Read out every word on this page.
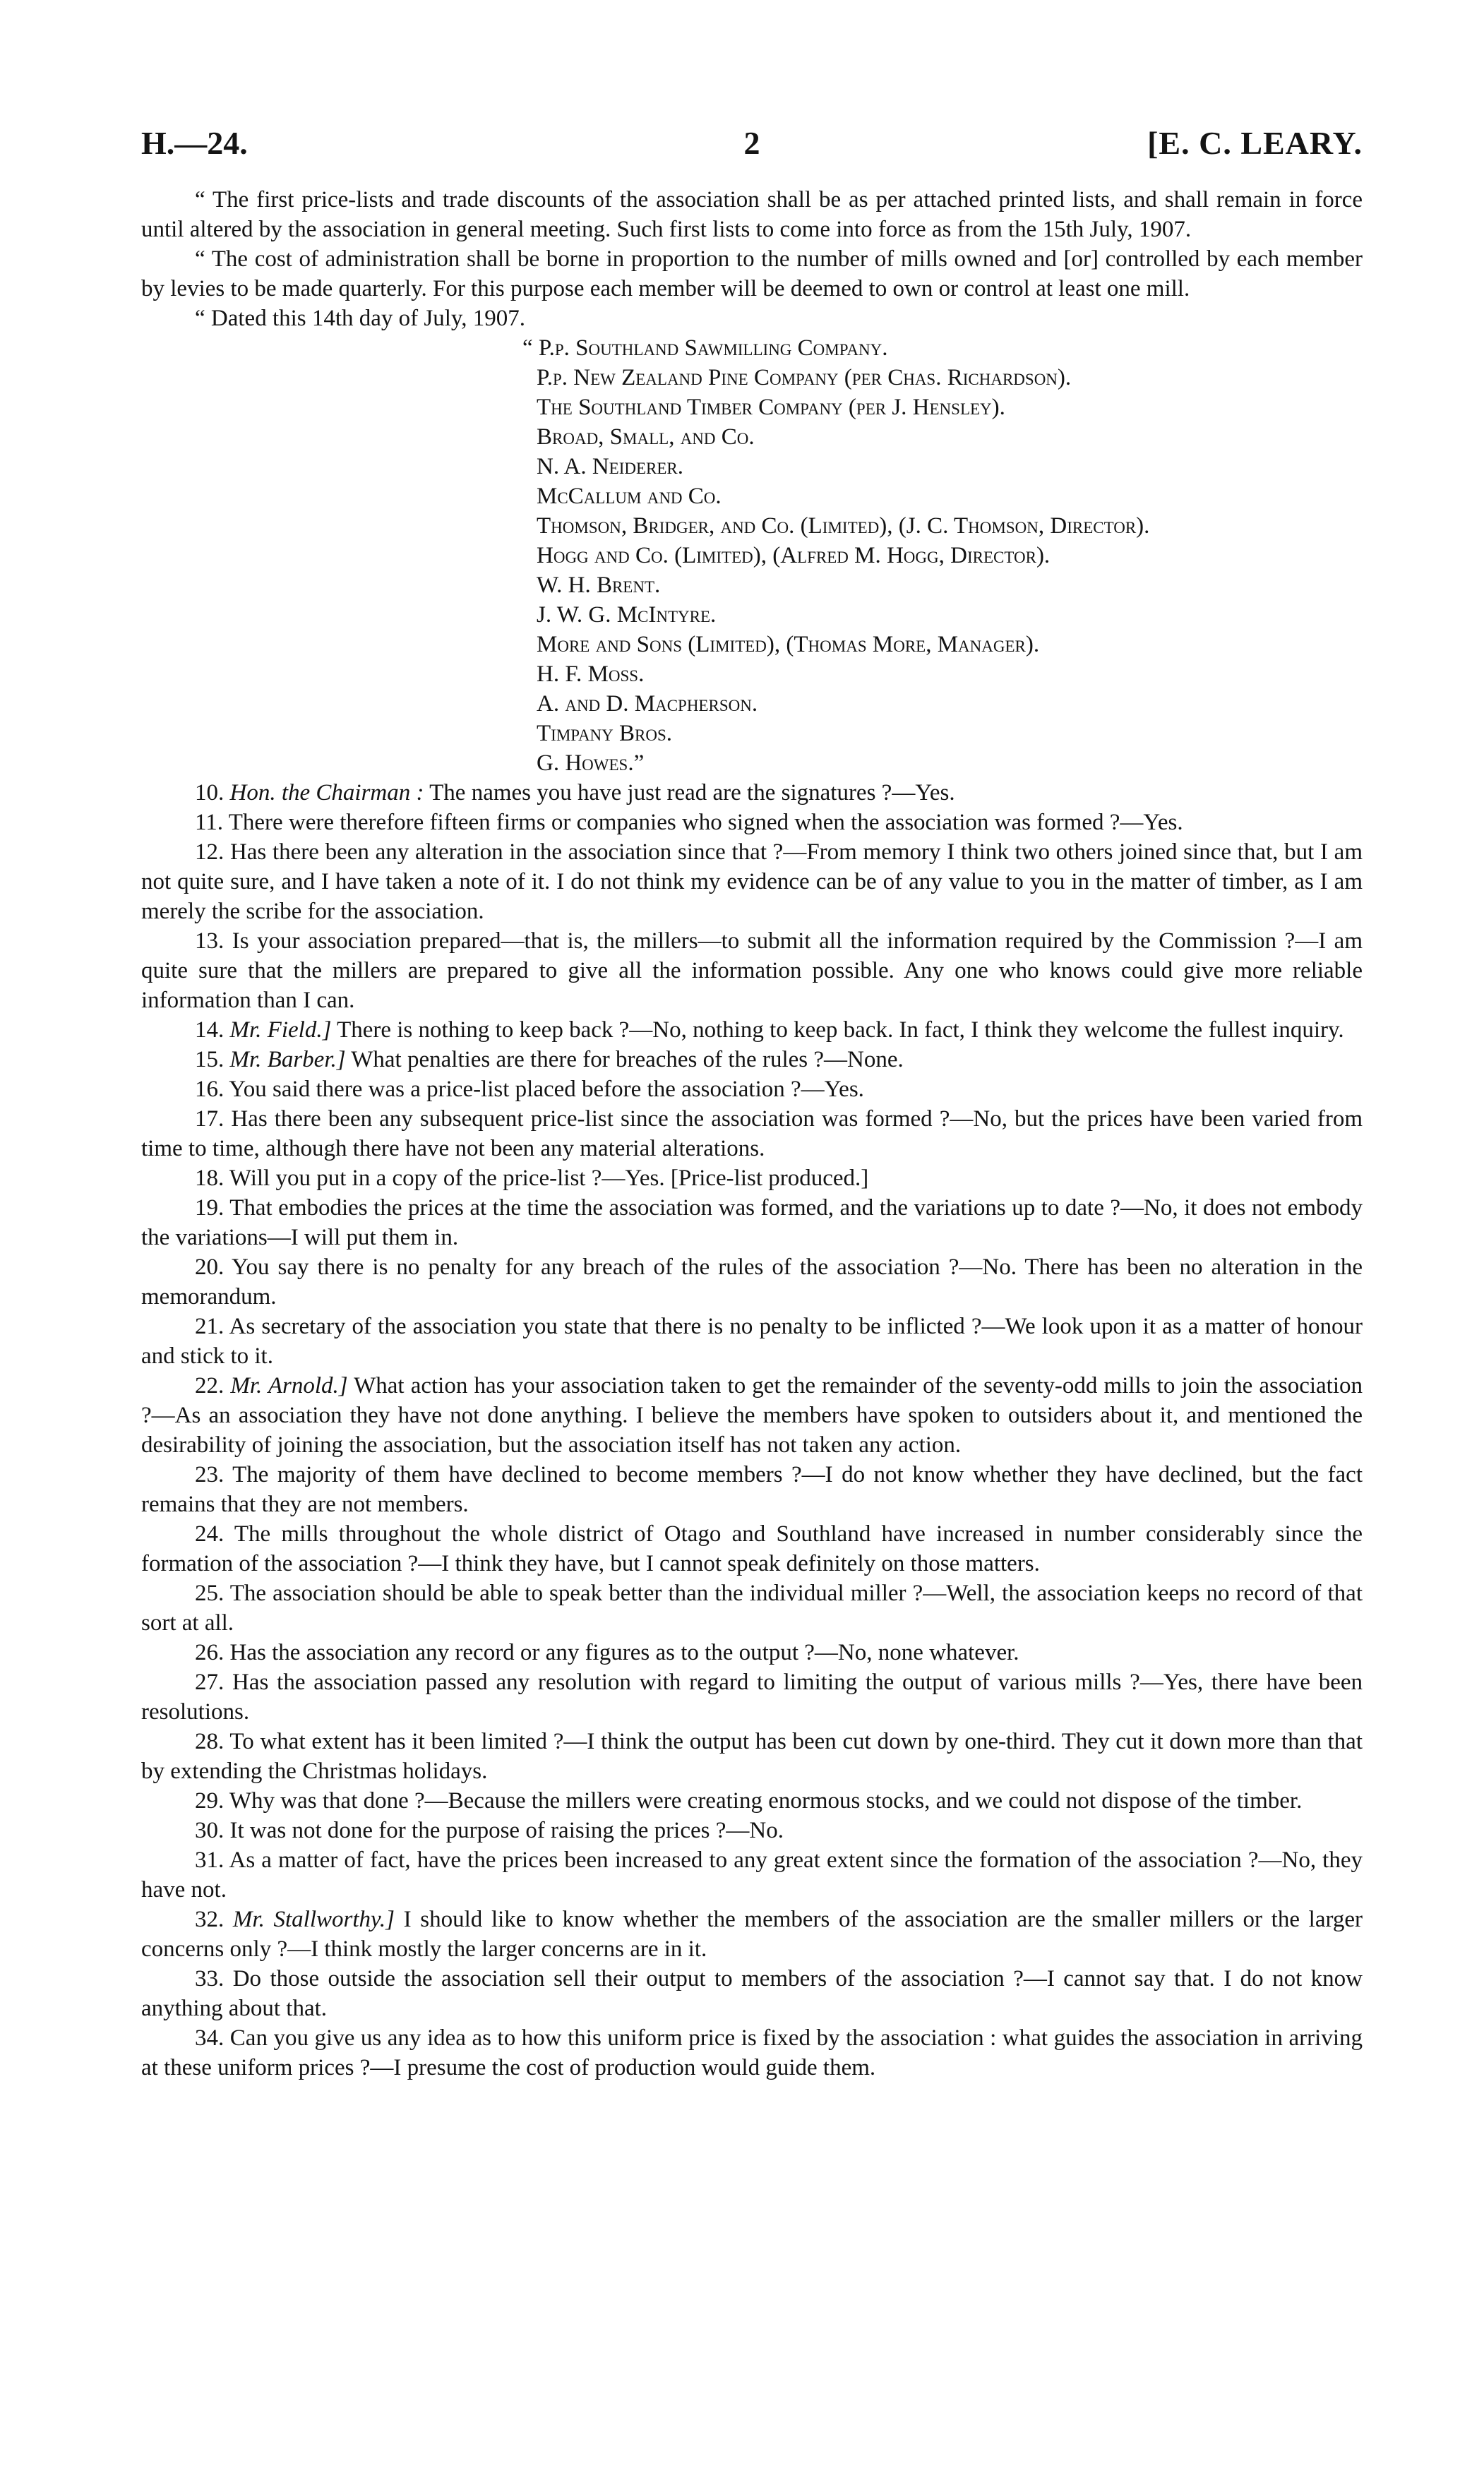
H.—24.	2	[E. C. LEARY.

“ The first price-lists and trade discounts of the association shall be as per attached printed lists, and shall remain in force until altered by the association in general meeting. Such first lists to come into force as from the 15th July, 1907.

“ The cost of administration shall be borne in proportion to the number of mills owned and [or] controlled by each member by levies to be made quarterly. For this purpose each member will be deemed to own or control at least one mill.

“ Dated this 14th day of July, 1907.

“ P.p. Southland Sawmilling Company.
P.p. New Zealand Pine Company (per Chas. Richardson).
The Southland Timber Company (per J. Hensley).
Broad, Small, and Co.
N. A. Neiderer.
McCallum and Co.
Thomson, Bridger, and Co. (Limited), (J. C. Thomson, Director).
Hogg and Co. (Limited), (Alfred M. Hogg, Director).
W. H. Brent.
J. W. G. McIntyre.
More and Sons (Limited), (Thomas More, Manager).
H. F. Moss.
A. and D. Macpherson.
Timpany Bros.
G. Howes.”

10. Hon. the Chairman : The names you have just read are the signatures ?—Yes.

11. There were therefore fifteen firms or companies who signed when the association was formed ?—Yes.

12. Has there been any alteration in the association since that ?—From memory I think two others joined since that, but I am not quite sure, and I have taken a note of it. I do not think my evidence can be of any value to you in the matter of timber, as I am merely the scribe for the association.

13. Is your association prepared—that is, the millers—to submit all the information required by the Commission ?—I am quite sure that the millers are prepared to give all the information possible. Any one who knows could give more reliable information than I can.

14. Mr. Field.] There is nothing to keep back ?—No, nothing to keep back. In fact, I think they welcome the fullest inquiry.

15. Mr. Barber.] What penalties are there for breaches of the rules ?—None.

16. You said there was a price-list placed before the association ?—Yes.

17. Has there been any subsequent price-list since the association was formed ?—No, but the prices have been varied from time to time, although there have not been any material alterations.

18. Will you put in a copy of the price-list ?—Yes. [Price-list produced.]

19. That embodies the prices at the time the association was formed, and the variations up to date ?—No, it does not embody the variations—I will put them in.

20. You say there is no penalty for any breach of the rules of the association ?—No. There has been no alteration in the memorandum.

21. As secretary of the association you state that there is no penalty to be inflicted ?—We look upon it as a matter of honour and stick to it.

22. Mr. Arnold.] What action has your association taken to get the remainder of the seventy-odd mills to join the association ?—As an association they have not done anything. I believe the members have spoken to outsiders about it, and mentioned the desirability of joining the association, but the association itself has not taken any action.

23. The majority of them have declined to become members ?—I do not know whether they have declined, but the fact remains that they are not members.

24. The mills throughout the whole district of Otago and Southland have increased in number considerably since the formation of the association ?—I think they have, but I cannot speak definitely on those matters.

25. The association should be able to speak better than the individual miller ?—Well, the association keeps no record of that sort at all.

26. Has the association any record or any figures as to the output ?—No, none whatever.

27. Has the association passed any resolution with regard to limiting the output of various mills ?—Yes, there have been resolutions.

28. To what extent has it been limited ?—I think the output has been cut down by one-third. They cut it down more than that by extending the Christmas holidays.

29. Why was that done ?—Because the millers were creating enormous stocks, and we could not dispose of the timber.

30. It was not done for the purpose of raising the prices ?—No.

31. As a matter of fact, have the prices been increased to any great extent since the formation of the association ?—No, they have not.

32. Mr. Stallworthy.] I should like to know whether the members of the association are the smaller millers or the larger concerns only ?—I think mostly the larger concerns are in it.

33. Do those outside the association sell their output to members of the association ?—I cannot say that. I do not know anything about that.

34. Can you give us any idea as to how this uniform price is fixed by the association : what guides the association in arriving at these uniform prices ?—I presume the cost of production would guide them.
